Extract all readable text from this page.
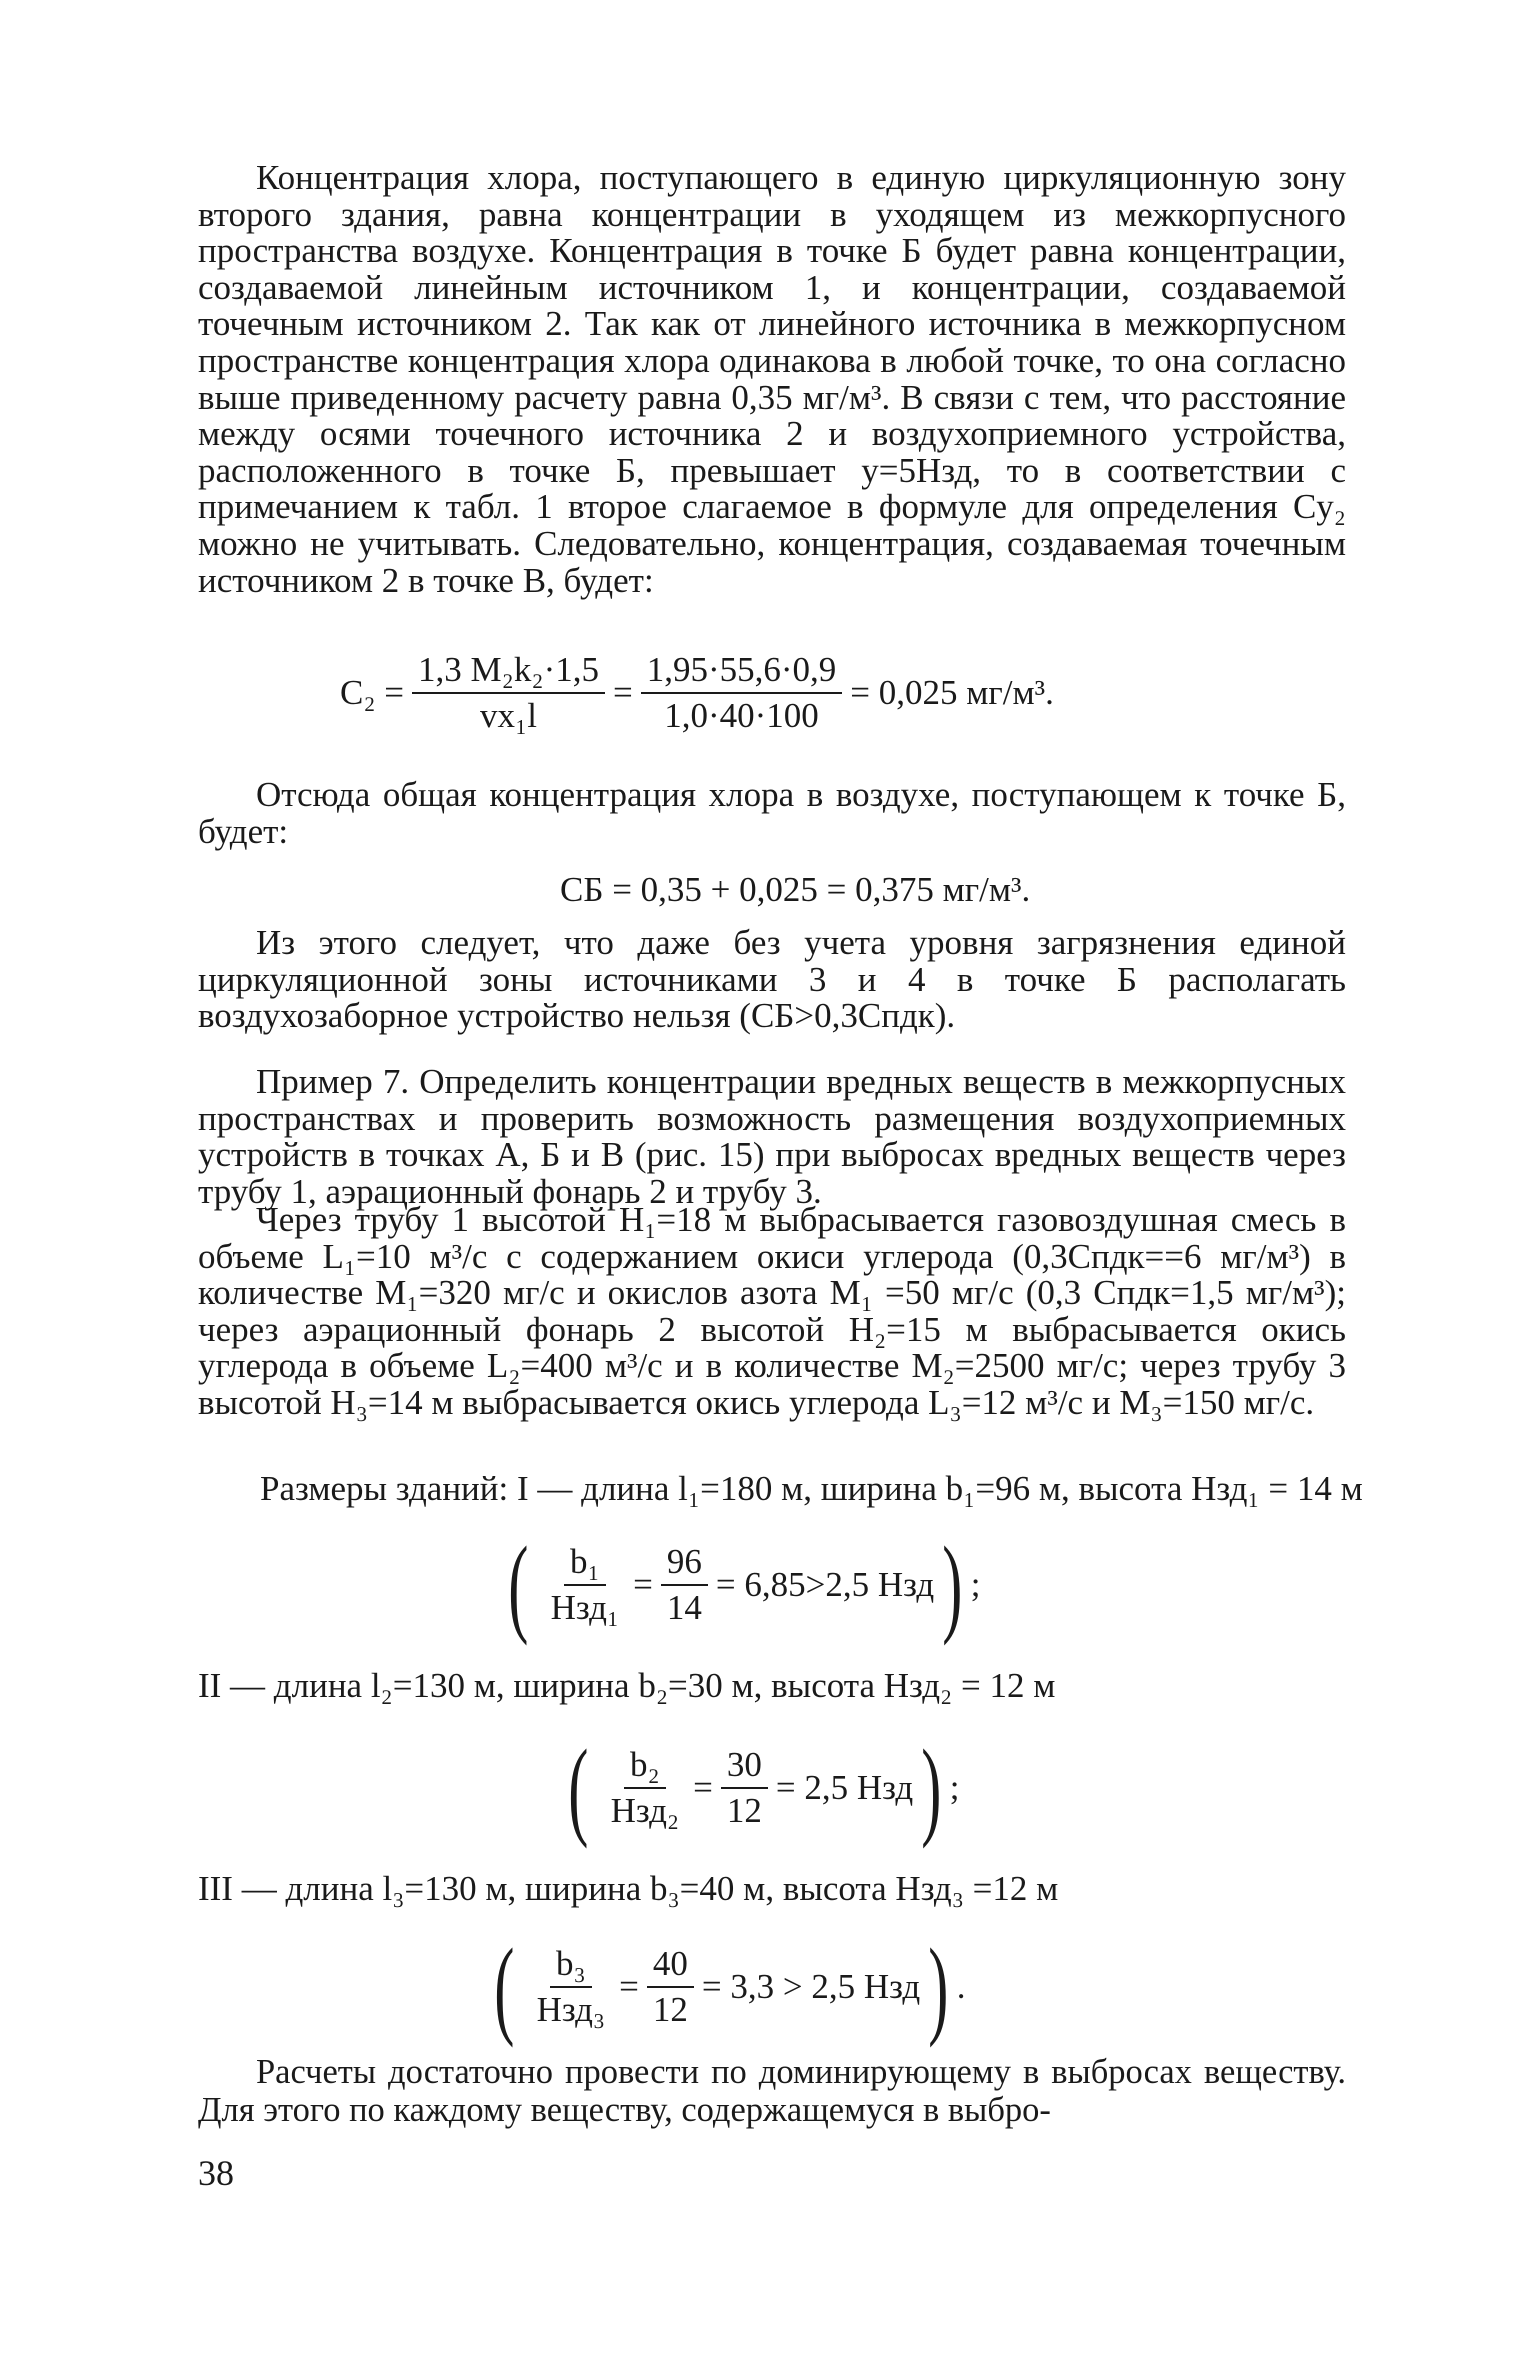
Концентрация хлора, поступающего в единую циркуляционную зону второго здания, равна концентрации в уходящем из межкорпусного пространства воздухе. Концентрация в точке Б будет равна концентрации, создаваемой линейным источником 1, и концентрации, создаваемой точечным источником 2. Так как от линейного источника в межкорпусном пространстве концентрация хлора одинакова в любой точке, то она согласно выше приведенному расчету равна 0,35 мг/м³. В связи с тем, что расстояние между осями точечного источника 2 и воздухоприемного устройства, расположенного в точке Б, превышает y=5Hзд, то в соответствии с примечанием к табл. 1 второе слагаемое в формуле для определения Cy₂ можно не учитывать. Следовательно, концентрация, создаваемая точечным источником 2 в точке В, будет:

$C_2 = \frac{\text{1,3 M₂k₂·1,5}}{\text{vx₁l}} = \frac{1,95\cdot 55,6\cdot 0,9}{1,0\cdot 40\cdot 100} = 0,025$ мг/м³.

Отсюда общая концентрация хлора в воздухе, поступающем к точке Б, будет:

CБ = 0,35 + 0,025 = 0,375 мг/м³.

Из этого следует, что даже без учета уровня загрязнения единой циркуляционной зоны источниками 3 и 4 в точке Б располагать воздухозаборное устройство нельзя (CБ>0,3Cпдк).

Пример 7. Определить концентрации вредных веществ в межкорпусных пространствах и проверить возможность размещения воздухоприемных устройств в точках А, Б и В (рис. 15) при выбросах вредных веществ через трубу 1, аэрационный фонарь 2 и трубу 3.

Через трубу 1 высотой H₁=18 м выбрасывается газовоздушная смесь в объеме L₁=10 м³/с с содержанием окиси углерода (0,3Cпдк==6 мг/м³) в количестве M₁=320 мг/с и окислов азота M₁ =50 мг/с (0,3 Cпдк=1,5 мг/м³); через аэрационный фонарь 2 высотой H₂=15 м выбрасывается окись углерода в объеме L₂=400 м³/с и в количестве M₂=2500 мг/с; через трубу 3 высотой H₃=14 м выбрасывается окись углерода L₃=12 м³/с и M₃=150 мг/с.

Размеры зданий: I — длина l₁=180 м, ширина b₁=96 м, высота Hзд₁ = 14 м
( $\frac{\text{b₁}}{\text{Hзд₁}} = \frac{96}{14} = 6,85>2,5$ Hзд ) ;
II — длина l₂=130 м, ширина b₂=30 м, высота Hзд₂ = 12 м
( $\frac{\text{b₂}}{\text{Hзд₂}} = \frac{30}{12} = 2,5$ Hзд ) ;
III — длина l₃=130 м, ширина b₃=40 м, высота Hзд₃ =12 м
( $\frac{\text{b₃}}{\text{Hзд₃}} = \frac{40}{12} = 3,3 > 2,5$ Hзд ) .

Расчеты достаточно провести по доминирующему в выбросах веществу. Для этого по каждому веществу, содержащемуся в выбро-

38
